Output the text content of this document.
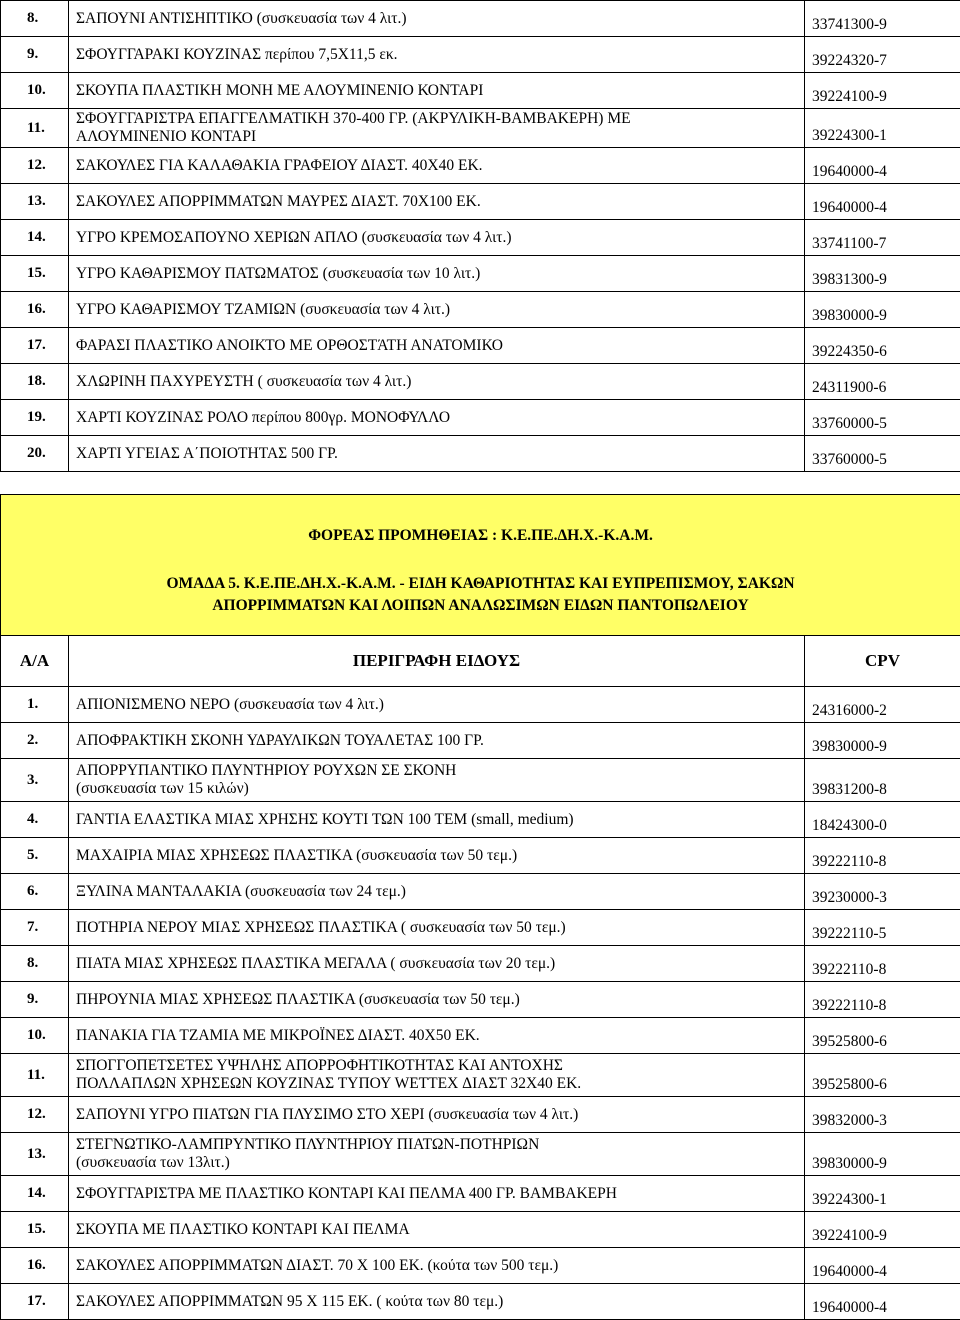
8.	ΣΑΠΟΥΝΙ ΑΝΤΙΣΗΠΤΙΚΟ (συσκευασία των 4 λιτ.)	33741300-9
9.	ΣΦΟΥΓΓΑΡΑΚΙ ΚΟΥΖΙΝΑΣ περίπου 7,5Χ11,5 εκ.	39224320-7
10.	ΣΚΟΥΠΑ ΠΛΑΣΤΙΚΗ ΜΟΝΗ ΜΕ ΑΛΟΥΜΙΝΕΝΙΟ ΚΟΝΤΑΡΙ	39224100-9
11.	ΣΦΟΥΓΓΑΡΙΣΤΡΑ ΕΠΑΓΓΕΛΜΑΤΙΚΗ 370-400 ΓΡ. (ΑΚΡΥΛΙΚΗ-ΒΑΜΒΑΚΕΡΗ) ΜΕ
ΑΛΟΥΜΙΝΕΝΙΟ ΚΟΝΤΑΡΙ	39224300-1
12.	ΣΑΚΟΥΛΕΣ ΓΙΑ ΚΑΛΑΘΑΚΙΑ ΓΡΑΦΕΙΟΥ ΔΙΑΣΤ. 40Χ40 ΕΚ.	19640000-4
13.	ΣΑΚΟΥΛΕΣ ΑΠΟΡΡΙΜΜΑΤΩΝ ΜΑΥΡΕΣ ΔΙΑΣΤ. 70Χ100 ΕΚ.	19640000-4
14.	ΥΓΡΟ ΚΡΕΜΟΣΑΠΟΥΝΟ ΧΕΡΙΩΝ ΑΠΛΟ (συσκευασία των 4 λιτ.)	33741100-7
15.	ΥΓΡΟ ΚΑΘΑΡΙΣΜΟΥ ΠΑΤΩΜΑΤΟΣ (συσκευασία των 10 λιτ.)	39831300-9
16.	ΥΓΡΟ ΚΑΘΑΡΙΣΜΟΥ ΤΖΑΜΙΩΝ (συσκευασία των 4 λιτ.)	39830000-9
17.	ΦΑΡΑΣΙ ΠΛΑΣΤΙΚΟ ΑΝΟΙΚΤΟ ΜΕ ΟΡΘΟΣΤΆΤΗ ΑΝΑΤΟΜΙΚΟ	39224350-6
18.	ΧΛΩΡΙΝΗ ΠΑΧΥΡΕΥΣΤΗ ( συσκευασία των 4 λιτ.)	24311900-6
19.	ΧΑΡΤΙ ΚΟΥΖΙΝΑΣ ΡΟΛΟ περίπου 800γρ. ΜΟΝΟΦΥΛΛΟ	33760000-5
20.	ΧΑΡΤΙ ΥΓΕΙΑΣ Α΄ΠΟΙΟΤΗΤΑΣ 500 ΓΡ.	33760000-5
ΦΟΡΕΑΣ ΠΡΟΜΗΘΕΙΑΣ : Κ.Ε.ΠΕ.ΔΗ.Χ.-Κ.Α.Μ.
ΟΜΑΔΑ 5. Κ.Ε.ΠΕ.ΔΗ.Χ.-Κ.Α.Μ. - ΕΙΔΗ ΚΑΘΑΡΙΟΤΗΤΑΣ ΚΑΙ ΕΥΠΡΕΠΙΣΜΟΥ, ΣΑΚΩΝ
ΑΠΟΡΡΙΜΜΑΤΩΝ ΚΑΙ ΛΟΙΠΩΝ ΑΝΑΛΩΣΙΜΩΝ ΕΙΔΩΝ ΠΑΝΤΟΠΩΛΕΙΟΥ		

Α/Α	ΠΕΡΙΓΡΑΦΗ ΕΙΔΟΥΣ	CPV
1.	ΑΠΙΟΝΙΣΜΕΝΟ ΝΕΡΟ (συσκευασία των 4 λιτ.)	24316000-2
2.	ΑΠΟΦΡΑΚΤΙΚΗ ΣΚΟΝΗ ΥΔΡΑΥΛΙΚΩΝ ΤΟΥΑΛΕΤΑΣ 100 ΓΡ.	39830000-9
3.	ΑΠΟΡΡΥΠΑΝΤΙΚΟ ΠΛΥΝΤΗΡΙΟΥ ΡΟΥΧΩΝ ΣΕ ΣΚΟΝΗ
(συσκευασία των 15 κιλών)	39831200-8
4.	ΓΑΝΤΙΑ ΕΛΑΣΤΙΚΑ ΜΙΑΣ ΧΡΗΣΗΣ ΚΟΥΤΙ ΤΩΝ 100 ΤΕΜ (small, medium)	18424300-0
5.	ΜΑΧΑΙΡΙΑ ΜΙΑΣ ΧΡΗΣΕΩΣ ΠΛΑΣΤΙΚΑ (συσκευασία των 50 τεμ.)	39222110-8
6.	ΞΥΛΙΝΑ ΜΑΝΤΑΛΑΚΙΑ (συσκευασία των 24 τεμ.)	39230000-3
7.	ΠΟΤΗΡΙΑ ΝΕΡΟΥ ΜΙΑΣ ΧΡΗΣΕΩΣ ΠΛΑΣΤΙΚΑ ( συσκευασία των 50 τεμ.)	39222110-5
8.	ΠΙΑΤΑ ΜΙΑΣ ΧΡΗΣΕΩΣ ΠΛΑΣΤΙΚΑ ΜΕΓΑΛΑ ( συσκευασία των 20 τεμ.)	39222110-8
9.	ΠΗΡΟΥΝΙΑ ΜΙΑΣ ΧΡΗΣΕΩΣ ΠΛΑΣΤΙΚΑ (συσκευασία των 50 τεμ.)	39222110-8
10.	ΠΑΝΑΚΙΑ ΓΙΑ ΤΖΑΜΙΑ ΜΕ ΜΙΚΡΟΪΝΕΣ ΔΙΑΣΤ. 40Χ50 ΕΚ.	39525800-6
11.	ΣΠΟΓΓΟΠΕΤΣΕΤΕΣ ΥΨΗΛΗΣ ΑΠΟΡΡΟΦΗΤΙΚΟΤΗΤΑΣ ΚΑΙ ΑΝΤΟΧΗΣ
ΠΟΛΛΑΠΛΩΝ ΧΡΗΣΕΩΝ ΚΟΥΖΙΝΑΣ ΤΥΠΟΥ WETTEX ΔΙΑΣΤ 32Χ40 ΕΚ.	39525800-6
12.	ΣΑΠΟΥΝΙ ΥΓΡΟ ΠΙΑΤΩΝ ΓΙΑ ΠΛΥΣΙΜΟ ΣΤΟ ΧΕΡΙ (συσκευασία των 4 λιτ.)	39832000-3
13.	ΣΤΕΓΝΩΤΙΚΟ-ΛΑΜΠΡΥΝΤΙΚΟ ΠΛΥΝΤΗΡΙΟΥ ΠΙΑΤΩΝ-ΠΟΤΗΡΙΩΝ
(συσκευασία των 13λιτ.)	39830000-9
14.	ΣΦΟΥΓΓΑΡΙΣΤΡΑ ΜΕ ΠΛΑΣΤΙΚΟ ΚΟΝΤΑΡΙ ΚΑΙ ΠΕΛΜΑ 400 ΓΡ. ΒΑΜΒΑΚΕΡΗ	39224300-1
15.	ΣΚΟΥΠΑ ΜΕ ΠΛΑΣΤΙΚΟ ΚΟΝΤΑΡΙ ΚΑΙ ΠΕΛΜΑ	39224100-9
16.	ΣΑΚΟΥΛΕΣ ΑΠΟΡΡΙΜΜΑΤΩΝ ΔΙΑΣΤ. 70 Χ 100 ΕΚ. (κούτα των 500 τεμ.)	19640000-4
17.	ΣΑΚΟΥΛΕΣ ΑΠΟΡΡΙΜΜΑΤΩΝ 95 Χ 115 ΕΚ. ( κούτα των 80 τεμ.)	19640000-4
